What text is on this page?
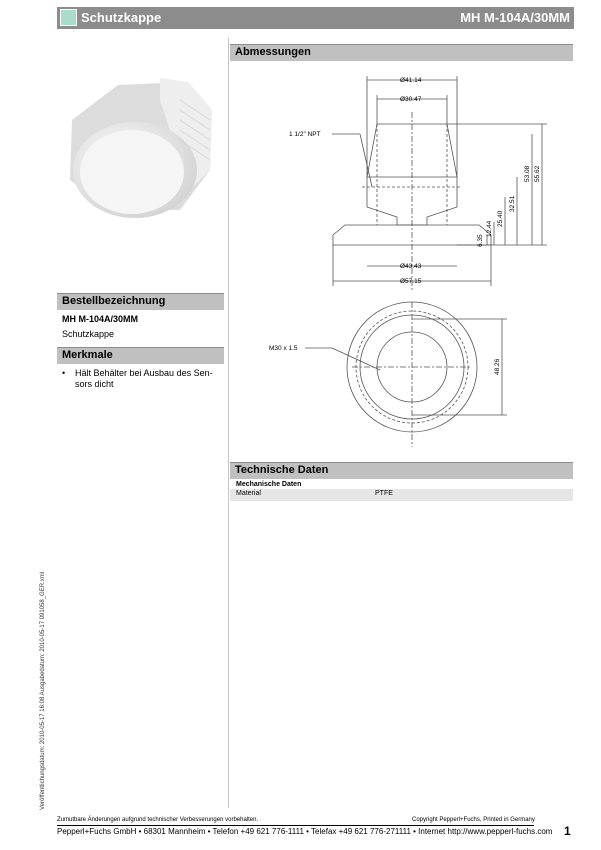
Schutzkappe	MH M-104A/30MM
Abmessungen
Ø41.14
Ø30.47
1 1/2" NPT
Ø43.43
Ø57.15
53.08 55.62
32.51
25.40
12.44
6.35
M30 x 1.5
48.26
Bestellbezeichnung
MH M-104A/30MM
Schutzkappe
Merkmale
• Hält Behälter bei Ausbau des Sen-
sors dicht
Technische Daten
Mechanische Daten
Material	PTFE
Veröffentlichungsdatum: 2010-05-17 16:08 Ausgabedatum: 2010-05-17 091058_GER.xml
Zumutbare Änderungen aufgrund technischer Verbesserungen vorbehalten.	Copyright Pepperl+Fuchs, Printed in Germany
Pepperl+Fuchs GmbH • 68301 Mannheim • Telefon +49 621 776-1111 • Telefax +49 621 776-271111 • Internet http://www.pepperl-fuchs.com 1
